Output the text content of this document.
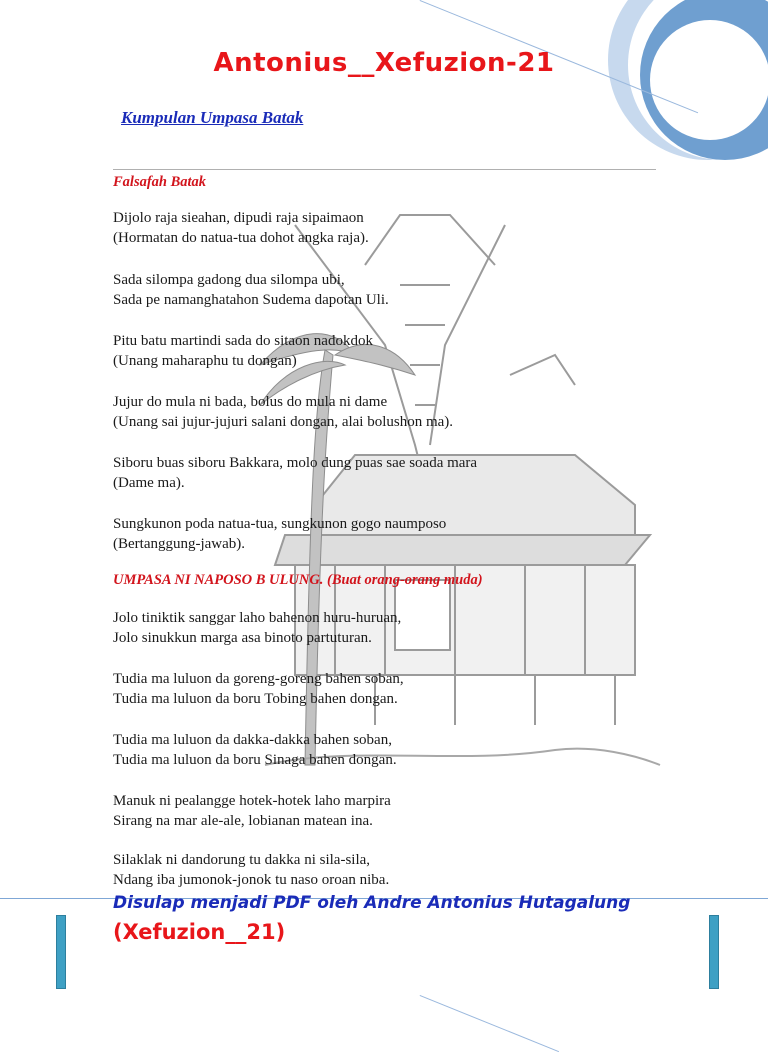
Antonius__Xefuzion-21
Kumpulan Umpasa Batak
Falsafah Batak
Dijolo raja sieahan, dipudi raja sipaimaon
(Hormatan do natua-tua dohot angka raja).
Sada silompa gadong dua silompa ubi,
Sada pe namanghatahon Sudema dapotan Uli.
Pitu batu martindi sada do sitaon nadokdok
(Unang maharaphu tu dongan)
Jujur do mula ni bada, bolus do mula ni dame
(Unang sai jujur-jujuri salani dongan, alai bolushon ma).
Siboru buas siboru Bakkara, molo dung puas sae soada mara
(Dame ma).
Sungkunon poda natua-tua, sungkunon gogo naumposo
(Bertanggung-jawab).
UMPASA NI NAPOSO B ULUNG. (Buat orang-orang muda)
Jolo tiniktik sanggar laho bahenon huru-huruan,
Jolo sinukkun marga asa binoto partuturan.
Tudia ma luluon da goreng-goreng bahen soban,
Tudia ma luluon da boru Tobing bahen dongan.
Tudia ma luluon da dakka-dakka bahen soban,
Tudia ma luluon da boru Sinaga bahen dongan.
Manuk ni pealangge hotek-hotek laho marpira
Sirang na mar ale-ale, lobianan matean ina.
Silaklak ni dandorung tu dakka ni sila-sila,
Ndang iba jumonok-jonok tu naso oroan niba.
Disulap menjadi PDF oleh Andre Antonius Hutagalung
(Xefuzion__21)
